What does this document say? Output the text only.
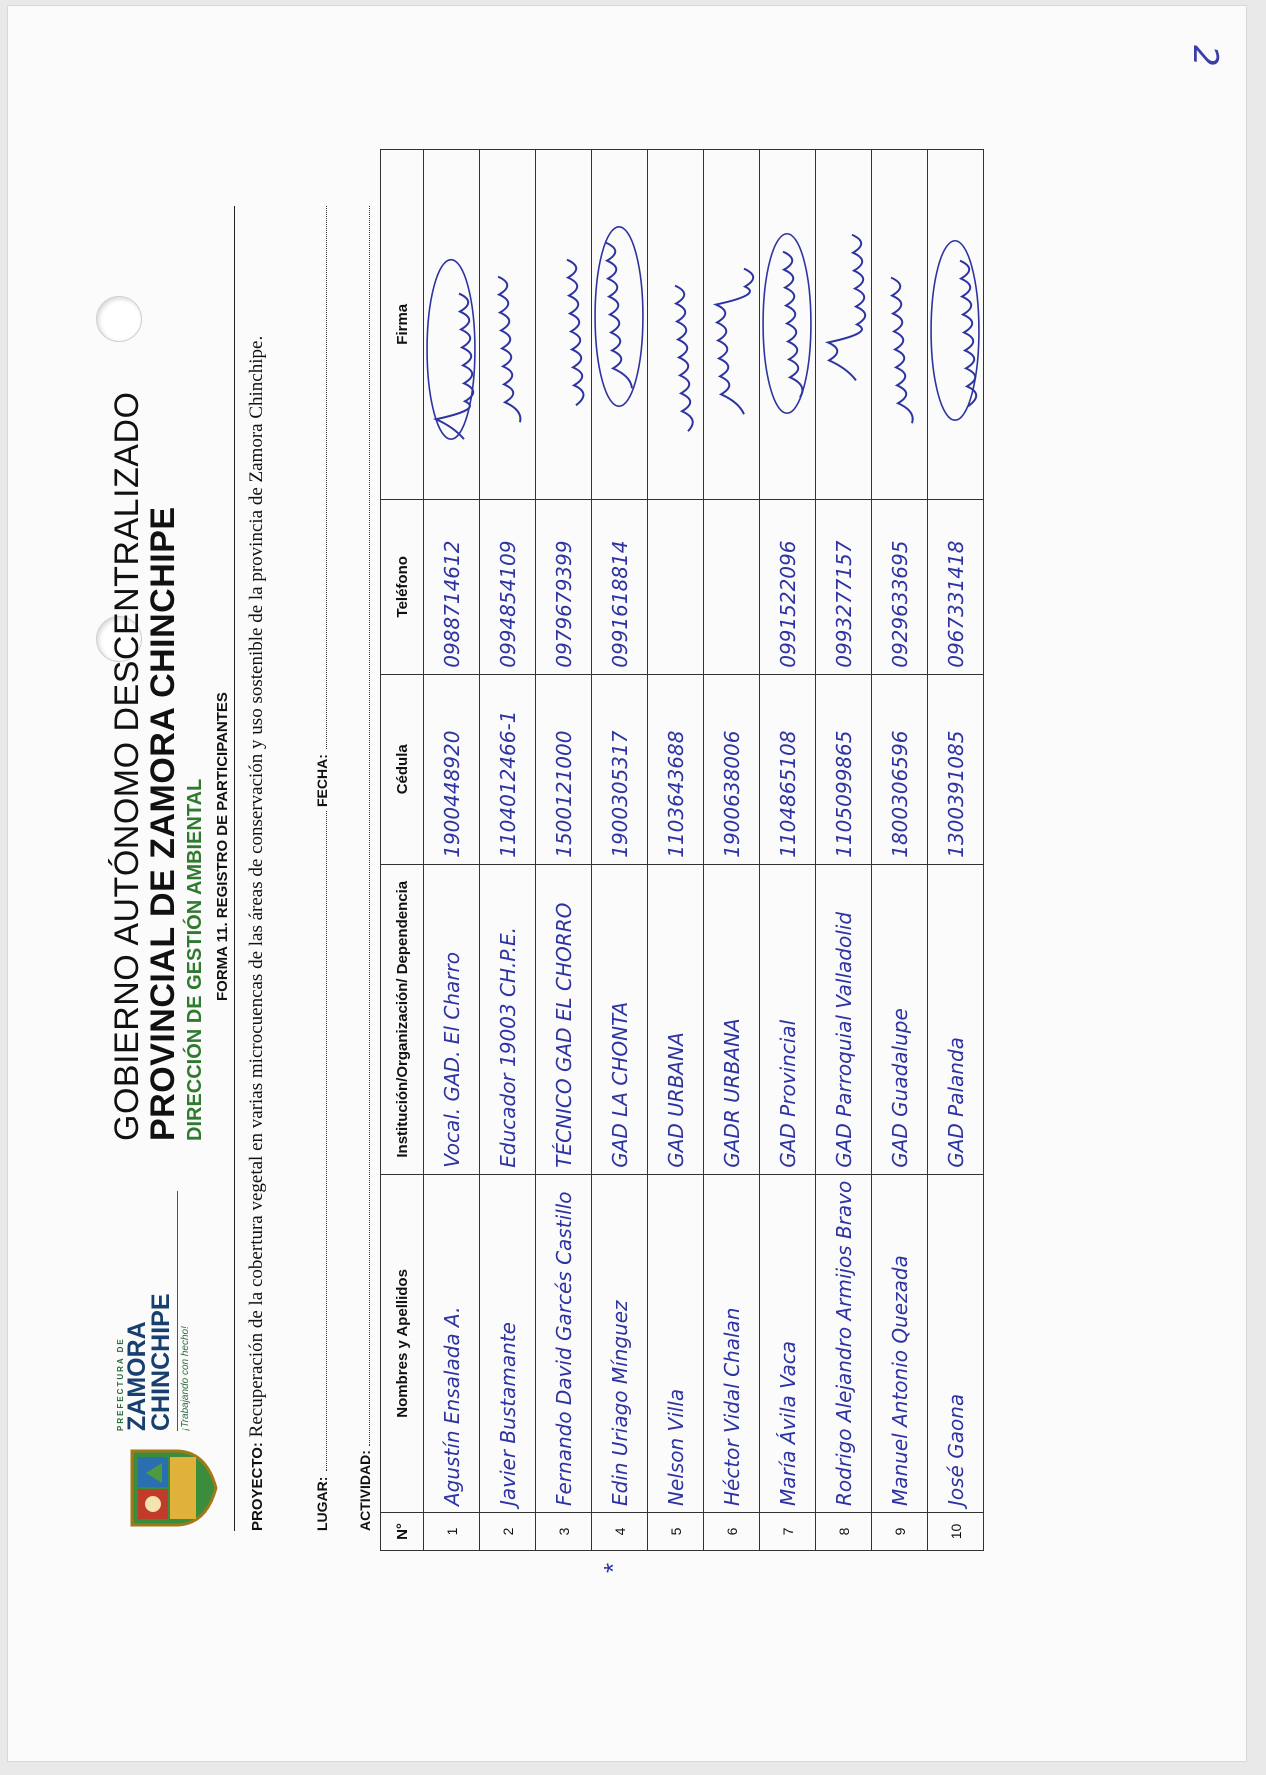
2
PREFECTURA DE
ZAMORA
CHINCHIPE ¡Trabajando con hecho!
GOBIERNO AUTÓNOMO DESCENTRALIZADO
PROVINCIAL DE ZAMORA CHINCHIPE DIRECCIÓN DE GESTIÓN AMBIENTAL FORMA 11. REGISTRO DE PARTICIPANTES
PROYECTO: Recuperación de la cobertura vegetal en varias microcuencas de las áreas de conservación y uso sostenible de la provincia de Zamora Chinchipe.
LUGAR:
FECHA:
ACTIVIDAD:
*
N°	Nombres y Apellidos	Institución/Organización/ Dependencia	Cédula	Teléfono	Firma
1	Agustín Ensalada A.	Vocal. GAD. El Charro	1900448920	0988714612	

2	Javier Bustamante	Educador 19003 CH.P.E.	1104012466-1	0994854109	

3	Fernando David Garcés Castillo	TÉCNICO GAD EL CHORRO	1500121000	0979679399	

4	Edin Uriago Mínguez	GAD LA CHONTA	1900305317	0991618814	

5	Nelson Villa	GAD URBANA	1103643688		

6	Héctor Vidal Chalan	GADR URBANA	1900638006		

7	María Ávila Vaca	GAD Provincial	1104865108	0991522096	

8	Rodrigo Alejandro Armijos Bravo	GAD Parroquial Valladolid	1105099865	0993277157	

9	Manuel Antonio Quezada	GAD Guadalupe	1800306596	0929633695	

10	José Gaona	GAD Palanda	1300391085	0967331418	
